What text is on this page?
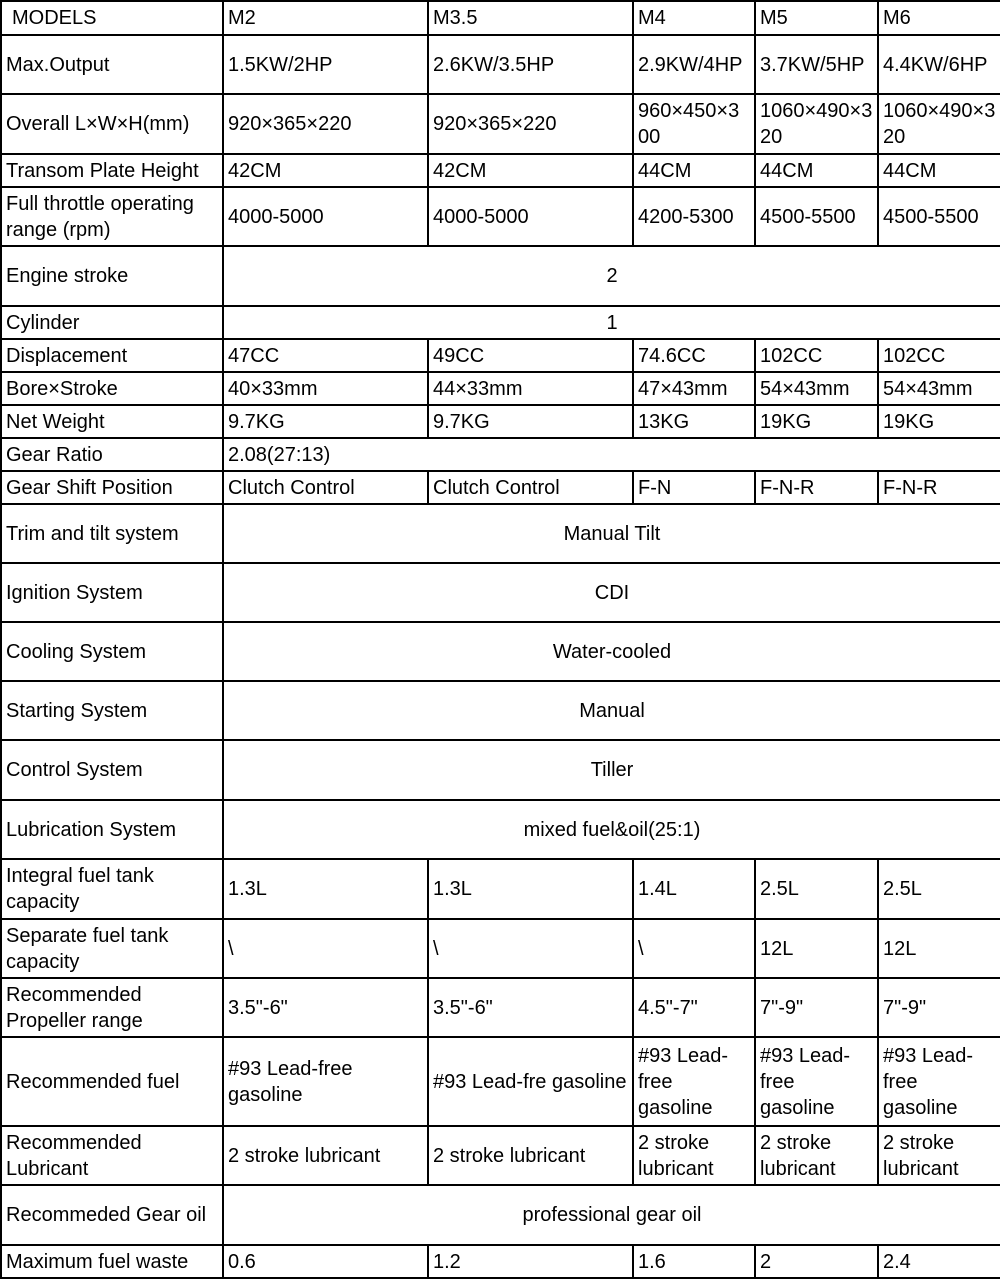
MODELS	M2	M3.5	M4	M5	M6
Max.Output	1.5KW/2HP	2.6KW/3.5HP	2.9KW/4HP	3.7KW/5HP	4.4KW/6HP
Overall L×W×H(mm)	920×365×220	920×365×220	960×450×300	1060×490×320	1060×490×320
Transom Plate Height	42CM	42CM	44CM	44CM	44CM
Full throttle operating range (rpm)	4000-5000	4000-5000	4200-5300	4500-5500	4500-5500
Engine stroke	2				
Cylinder	1				
Displacement	47CC	49CC	74.6CC	102CC	102CC
Bore×Stroke	40×33mm	44×33mm	47×43mm	54×43mm	54×43mm
Net Weight	9.7KG	9.7KG	13KG	19KG	19KG
Gear Ratio	2.08(27:13)				
Gear Shift Position	Clutch Control	Clutch Control	F-N	F-N-R	F-N-R
Trim and tilt system	Manual Tilt				
Ignition System	CDI				
Cooling System	Water-cooled				
Starting System	Manual				
Control System	Tiller				
Lubrication System	mixed fuel&oil(25:1)				
Integral fuel tank capacity	1.3L	1.3L	1.4L	2.5L	2.5L
Separate fuel tank capacity	\	\	\	12L	12L
Recommended Propeller range	3.5"-6"	3.5"-6"	4.5"-7"	7"-9"	7"-9"
Recommended fuel	#93 Lead-free gasoline	#93 Lead-fre gasoline	#93 Lead-free gasoline	#93 Lead-free gasoline	#93 Lead-free gasoline
Recommended Lubricant	2 stroke lubricant	2 stroke lubricant	2 stroke lubricant	2 stroke lubricant	2 stroke lubricant
Recommeded Gear oil	professional gear oil				
Maximum fuel waste	0.6	1.2	1.6	2	2.4
